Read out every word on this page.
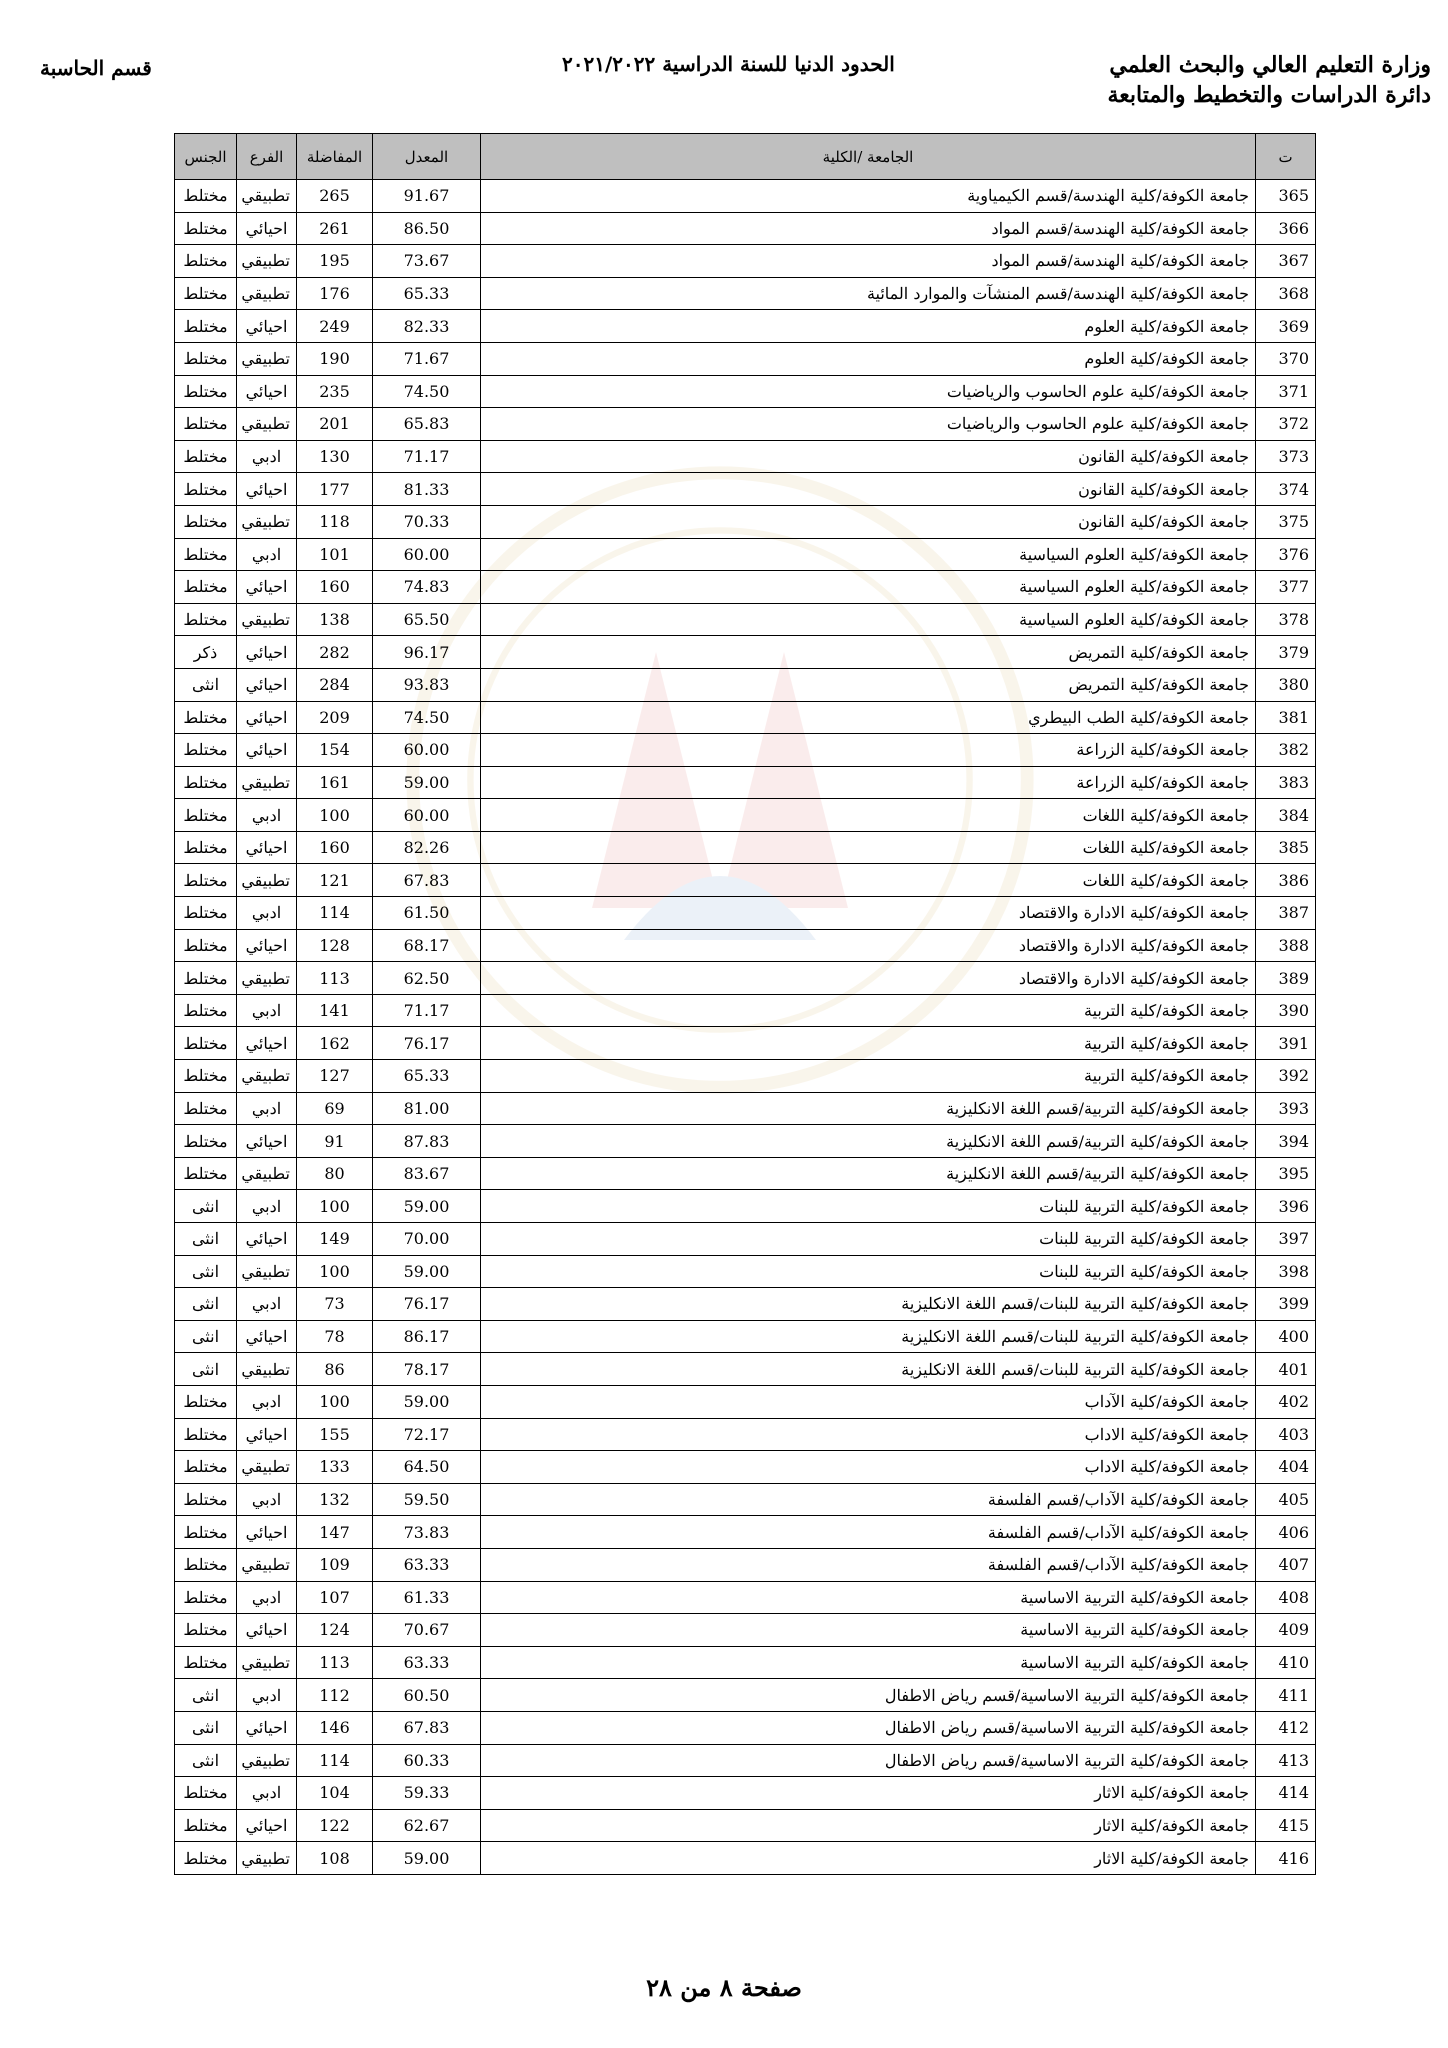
وزارة التعليم العالي والبحث العلمي
دائرة الدراسات والتخطيط والمتابعة
الحدود الدنيا للسنة الدراسية ٢٠٢١/٢٠٢٢
قسم الحاسبة
ت	الجامعة /الكلية	المعدل	المفاضلة	الفرع	الجنس
365	جامعة الكوفة/كلية الهندسة/قسم الكيمياوية	91.67	265	تطبيقي	مختلط
366	جامعة الكوفة/كلية الهندسة/قسم المواد	86.50	261	احيائي	مختلط
367	جامعة الكوفة/كلية الهندسة/قسم المواد	73.67	195	تطبيقي	مختلط
368	جامعة الكوفة/كلية الهندسة/قسم المنشآت والموارد المائية	65.33	176	تطبيقي	مختلط
369	جامعة الكوفة/كلية العلوم	82.33	249	احيائي	مختلط
370	جامعة الكوفة/كلية العلوم	71.67	190	تطبيقي	مختلط
371	جامعة الكوفة/كلية علوم الحاسوب والرياضيات	74.50	235	احيائي	مختلط
372	جامعة الكوفة/كلية علوم الحاسوب والرياضيات	65.83	201	تطبيقي	مختلط
373	جامعة الكوفة/كلية القانون	71.17	130	ادبي	مختلط
374	جامعة الكوفة/كلية القانون	81.33	177	احيائي	مختلط
375	جامعة الكوفة/كلية القانون	70.33	118	تطبيقي	مختلط
376	جامعة الكوفة/كلية العلوم السياسية	60.00	101	ادبي	مختلط
377	جامعة الكوفة/كلية العلوم السياسية	74.83	160	احيائي	مختلط
378	جامعة الكوفة/كلية العلوم السياسية	65.50	138	تطبيقي	مختلط
379	جامعة الكوفة/كلية التمريض	96.17	282	احيائي	ذكر
380	جامعة الكوفة/كلية التمريض	93.83	284	احيائي	انثى
381	جامعة الكوفة/كلية الطب البيطري	74.50	209	احيائي	مختلط
382	جامعة الكوفة/كلية الزراعة	60.00	154	احيائي	مختلط
383	جامعة الكوفة/كلية الزراعة	59.00	161	تطبيقي	مختلط
384	جامعة الكوفة/كلية اللغات	60.00	100	ادبي	مختلط
385	جامعة الكوفة/كلية اللغات	82.26	160	احيائي	مختلط
386	جامعة الكوفة/كلية اللغات	67.83	121	تطبيقي	مختلط
387	جامعة الكوفة/كلية الادارة والاقتصاد	61.50	114	ادبي	مختلط
388	جامعة الكوفة/كلية الادارة والاقتصاد	68.17	128	احيائي	مختلط
389	جامعة الكوفة/كلية الادارة والاقتصاد	62.50	113	تطبيقي	مختلط
390	جامعة الكوفة/كلية التربية	71.17	141	ادبي	مختلط
391	جامعة الكوفة/كلية التربية	76.17	162	احيائي	مختلط
392	جامعة الكوفة/كلية التربية	65.33	127	تطبيقي	مختلط
393	جامعة الكوفة/كلية التربية/قسم اللغة الانكليزية	81.00	69	ادبي	مختلط
394	جامعة الكوفة/كلية التربية/قسم اللغة الانكليزية	87.83	91	احيائي	مختلط
395	جامعة الكوفة/كلية التربية/قسم اللغة الانكليزية	83.67	80	تطبيقي	مختلط
396	جامعة الكوفة/كلية التربية للبنات	59.00	100	ادبي	انثى
397	جامعة الكوفة/كلية التربية للبنات	70.00	149	احيائي	انثى
398	جامعة الكوفة/كلية التربية للبنات	59.00	100	تطبيقي	انثى
399	جامعة الكوفة/كلية التربية للبنات/قسم اللغة الانكليزية	76.17	73	ادبي	انثى
400	جامعة الكوفة/كلية التربية للبنات/قسم اللغة الانكليزية	86.17	78	احيائي	انثى
401	جامعة الكوفة/كلية التربية للبنات/قسم اللغة الانكليزية	78.17	86	تطبيقي	انثى
402	جامعة الكوفة/كلية الآداب	59.00	100	ادبي	مختلط
403	جامعة الكوفة/كلية الاداب	72.17	155	احيائي	مختلط
404	جامعة الكوفة/كلية الاداب	64.50	133	تطبيقي	مختلط
405	جامعة الكوفة/كلية الآداب/قسم الفلسفة	59.50	132	ادبي	مختلط
406	جامعة الكوفة/كلية الآداب/قسم الفلسفة	73.83	147	احيائي	مختلط
407	جامعة الكوفة/كلية الآداب/قسم الفلسفة	63.33	109	تطبيقي	مختلط
408	جامعة الكوفة/كلية التربية الاساسية	61.33	107	ادبي	مختلط
409	جامعة الكوفة/كلية التربية الاساسية	70.67	124	احيائي	مختلط
410	جامعة الكوفة/كلية التربية الاساسية	63.33	113	تطبيقي	مختلط
411	جامعة الكوفة/كلية التربية الاساسية/قسم رياض الاطفال	60.50	112	ادبي	انثى
412	جامعة الكوفة/كلية التربية الاساسية/قسم رياض الاطفال	67.83	146	احيائي	انثى
413	جامعة الكوفة/كلية التربية الاساسية/قسم رياض الاطفال	60.33	114	تطبيقي	انثى
414	جامعة الكوفة/كلية الاثار	59.33	104	ادبي	مختلط
415	جامعة الكوفة/كلية الاثار	62.67	122	احيائي	مختلط
416	جامعة الكوفة/كلية الاثار	59.00	108	تطبيقي	مختلط
صفحة ٨ من ٢٨
